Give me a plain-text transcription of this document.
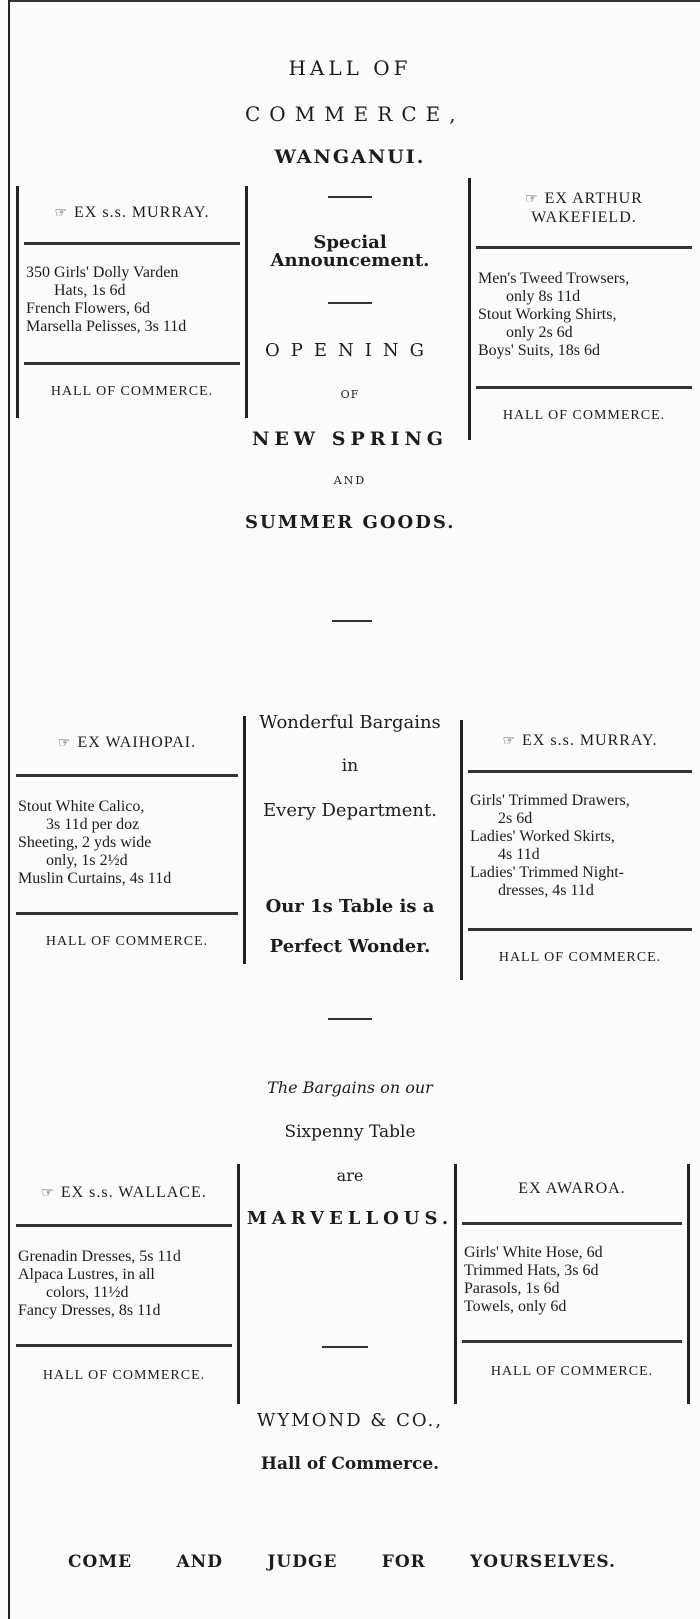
HALL OF
COMMERCE,
WANGANUI.
Special Announcement.
OPENING
OF
NEW SPRING
AND
SUMMER GOODS.
☞ EX s.s. MURRAY.
350 Girls' Dolly Varden
Hats, 1s 6d
French Flowers, 6d
Marsella Pelisses, 3s 11d
HALL OF COMMERCE.
☞ EX ARTHUR WAKEFIELD.
Men's Tweed Trowsers,
only 8s 11d
Stout Working Shirts,
only 2s 6d
Boys' Suits, 18s 6d
HALL OF COMMERCE.
Wonderful Bargains
in
Every Department.
Our 1s Table is a
Perfect Wonder.
☞ EX WAIHOPAI.
Stout White Calico,
3s 11d per doz
Sheeting, 2 yds wide
only, 1s 2½d
Muslin Curtains, 4s 11d
HALL OF COMMERCE.
☞ EX s.s. MURRAY.
Girls' Trimmed Drawers,
2s 6d
Ladies' Worked Skirts,
4s 11d
Ladies' Trimmed Night-
dresses, 4s 11d
HALL OF COMMERCE.
The Bargains on our
Sixpenny Table
are
MARVELLOUS.
☞ EX s.s. WALLACE.
Grenadin Dresses, 5s 11d
Alpaca Lustres, in all
colors, 11½d
Fancy Dresses, 8s 11d
HALL OF COMMERCE.
EX AWAROA.
Girls' White Hose, 6d
Trimmed Hats, 3s 6d
Parasols, 1s 6d
Towels, only 6d
HALL OF COMMERCE.
WYMOND & CO.,
Hall of Commerce.
COME	AND	JUDGE	FOR	YOURSELVES.
